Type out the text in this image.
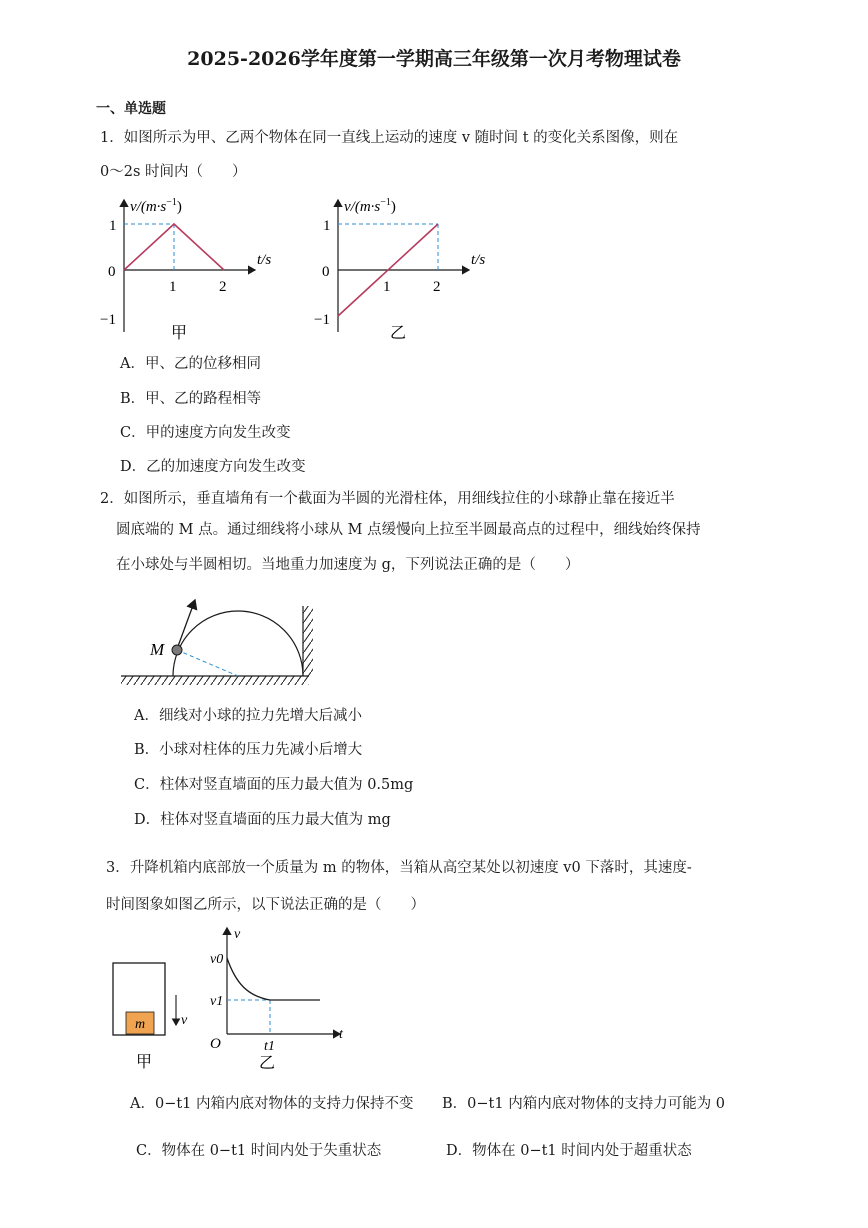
2025-2026学年度第一学期高三年级第一次月考物理试卷
一、单选题
1．如图所示为甲、乙两个物体在同一直线上运动的速度 v 随时间 t 的变化关系图像，则在
0～2s 时间内（　　）
$v/(m\cdot s^{-1})$
t/s
1
0
−1
1	2
甲
$v/(m\cdot s^{-1})$
t/s
1
0
−1
1	2
乙
A．甲、乙的位移相同
B．甲、乙的路程相等
C．甲的速度方向发生改变
D．乙的加速度方向发生改变
2．如图所示，垂直墙角有一个截面为半圆的光滑柱体，用细线拉住的小球静止靠在接近半
圆底端的 M 点。通过细线将小球从 M 点缓慢向上拉至半圆最高点的过程中，细线始终保持
在小球处与半圆相切。当地重力加速度为 g，下列说法正确的是（　　）
M
A．细线对小球的拉力先增大后减小
B．小球对柱体的压力先减小后增大
C．柱体对竖直墙面的压力最大值为 0.5mg
D．柱体对竖直墙面的压力最大值为 mg
3．升降机箱内底部放一个质量为 m 的物体，当箱从高空某处以初速度 v0 下落时，其速度-
时间图象如图乙所示，以下说法正确的是（　　）
m	v
甲
v
t
O
v0
v1
t1
乙
A．0−t1 内箱内底对物体的支持力保持不变 B．0−t1 内箱内底对物体的支持力可能为 0
C．物体在 0−t1 时间内处于失重状态	D．物体在 0−t1 时间内处于超重状态
